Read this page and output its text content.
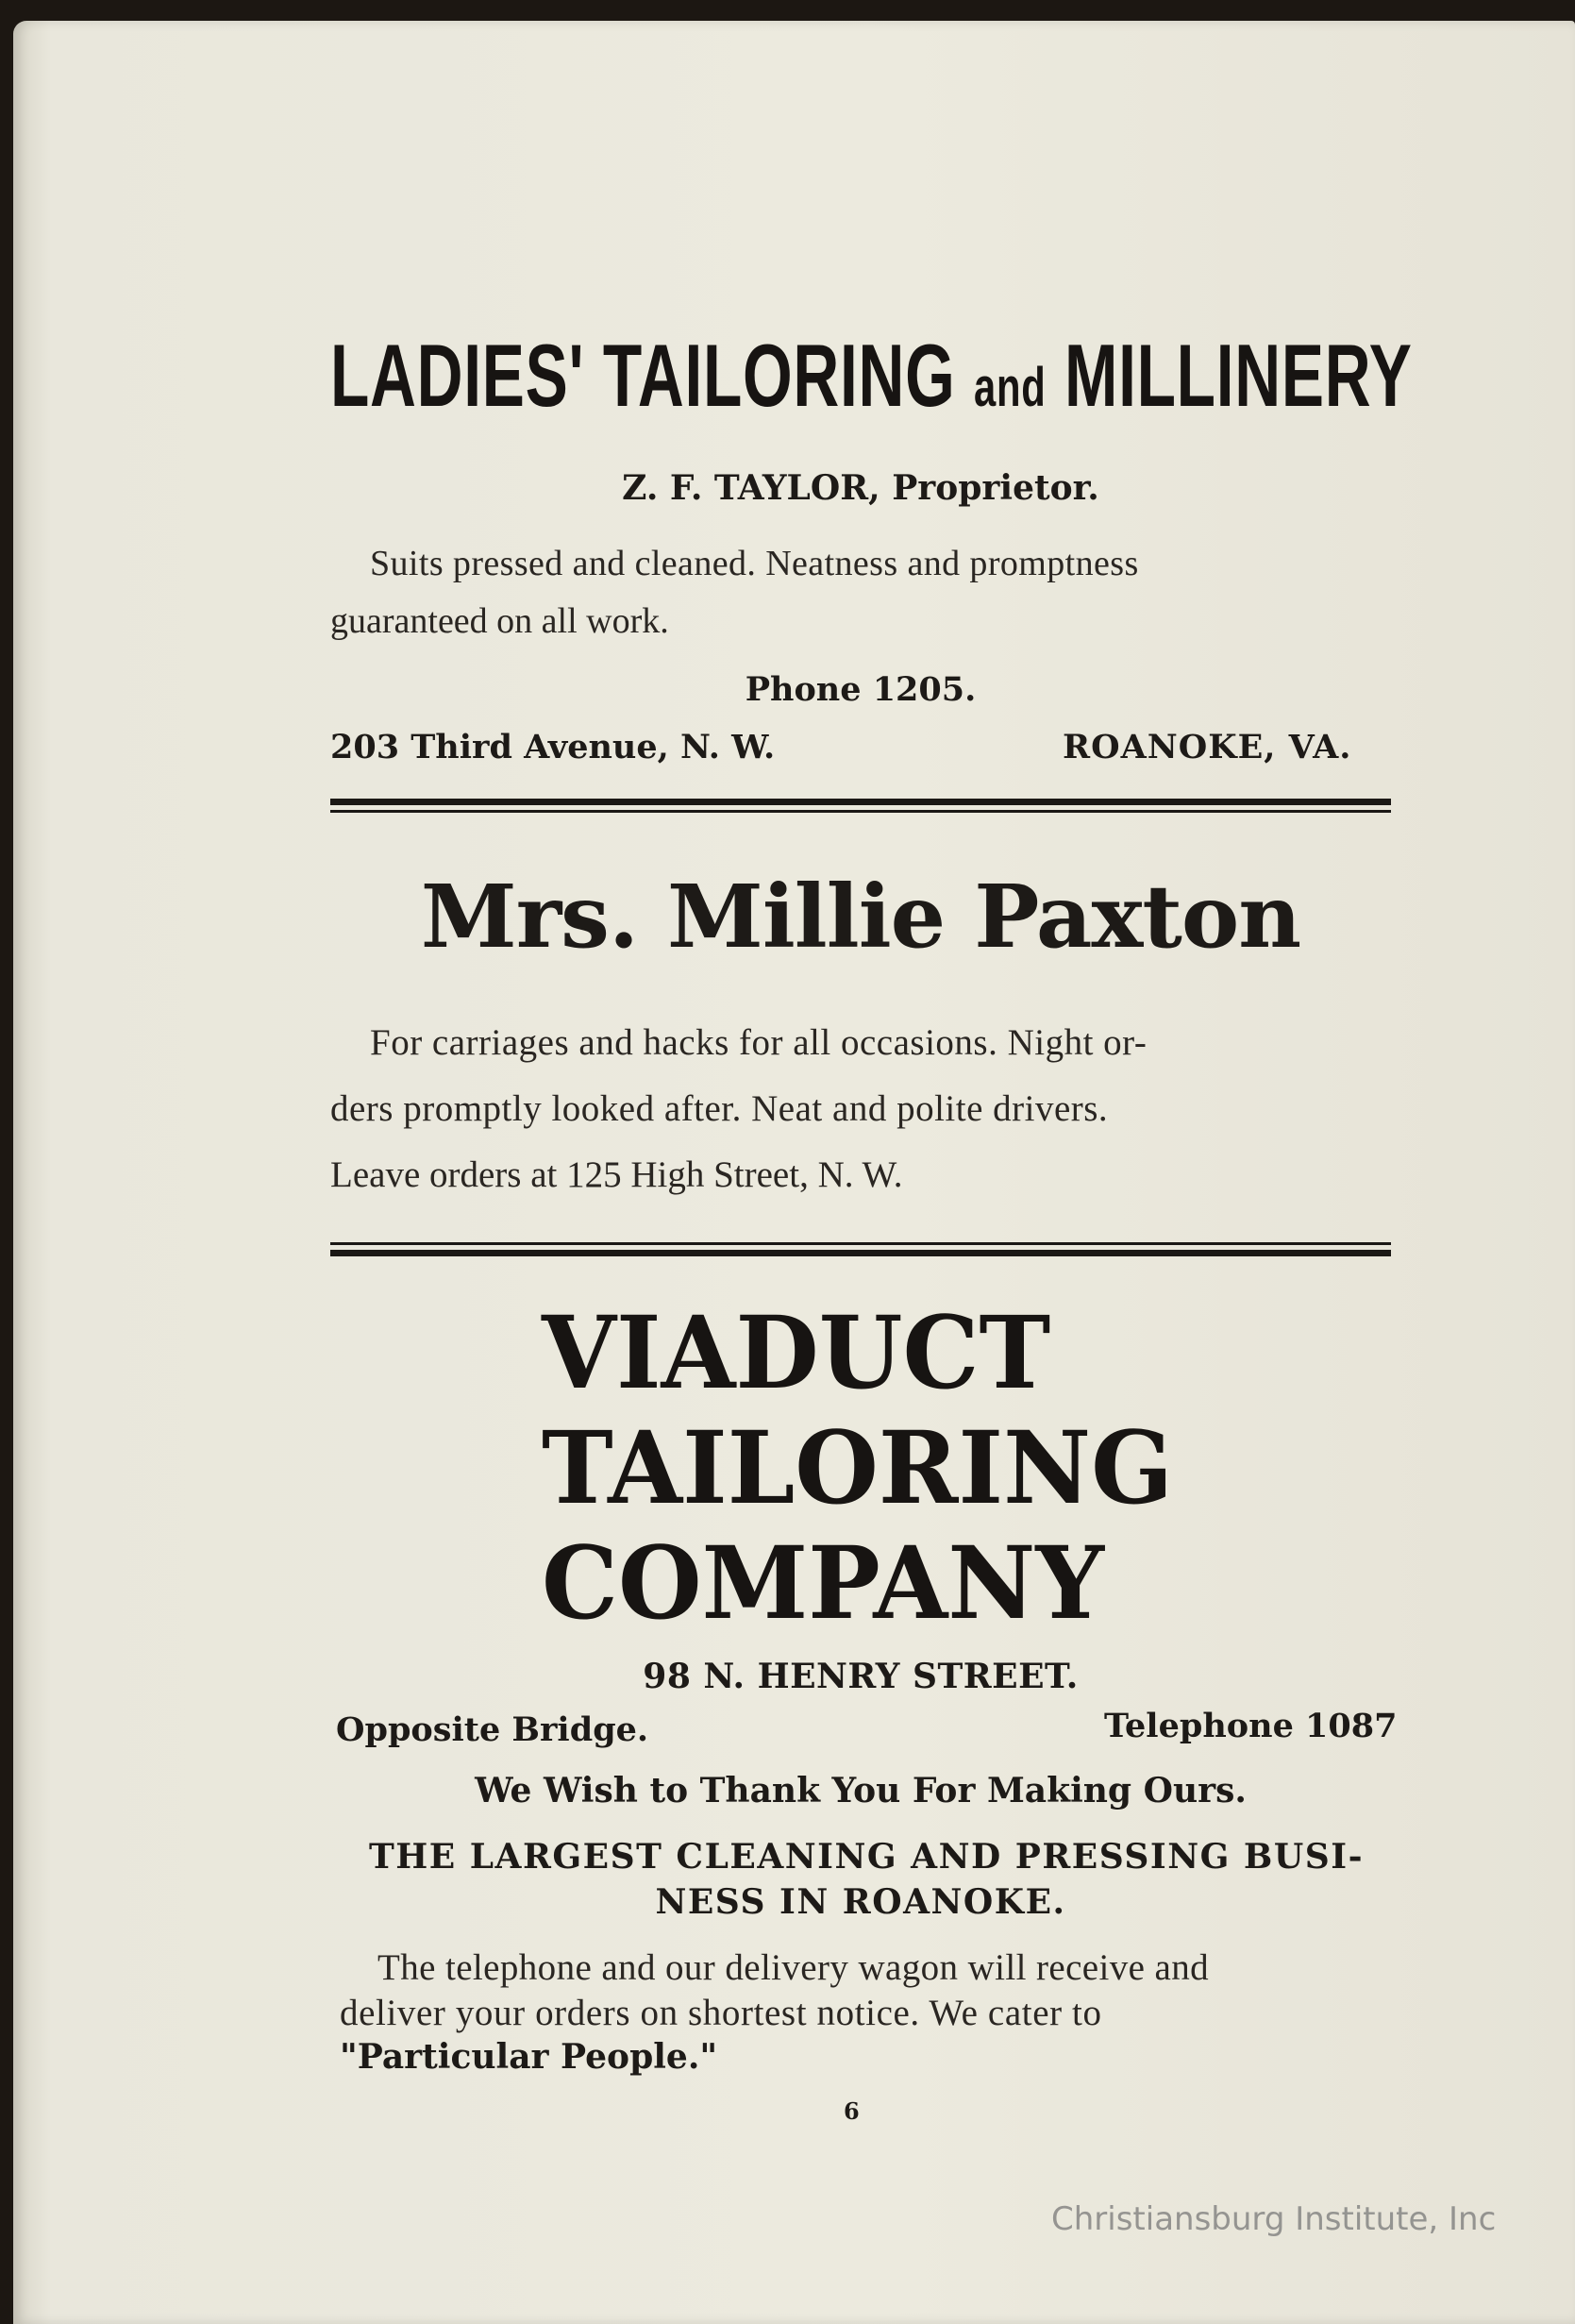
LADIES' TAILORING and MILLINERY
Z. F. TAYLOR, Proprietor.
Suits pressed and cleaned. Neatness and promptness
guaranteed on all work.
Phone 1205.
203 Third Avenue, N. W.	ROANOKE, VA.
Mrs. Millie Paxton
For carriages and hacks for all occasions. Night or-
ders promptly looked after. Neat and polite drivers.
Leave orders at 125 High Street, N. W.
VIADUCT
TAILORING
COMPANY
98 N. HENRY STREET.
Opposite Bridge.	Telephone 1087
We Wish to Thank You For Making Ours.
THE LARGEST CLEANING AND PRESSING BUSI-
NESS IN ROANOKE.
The telephone and our delivery wagon will receive and
deliver your orders on shortest notice. We cater to
"Particular People."
6
Christiansburg Institute, Inc
